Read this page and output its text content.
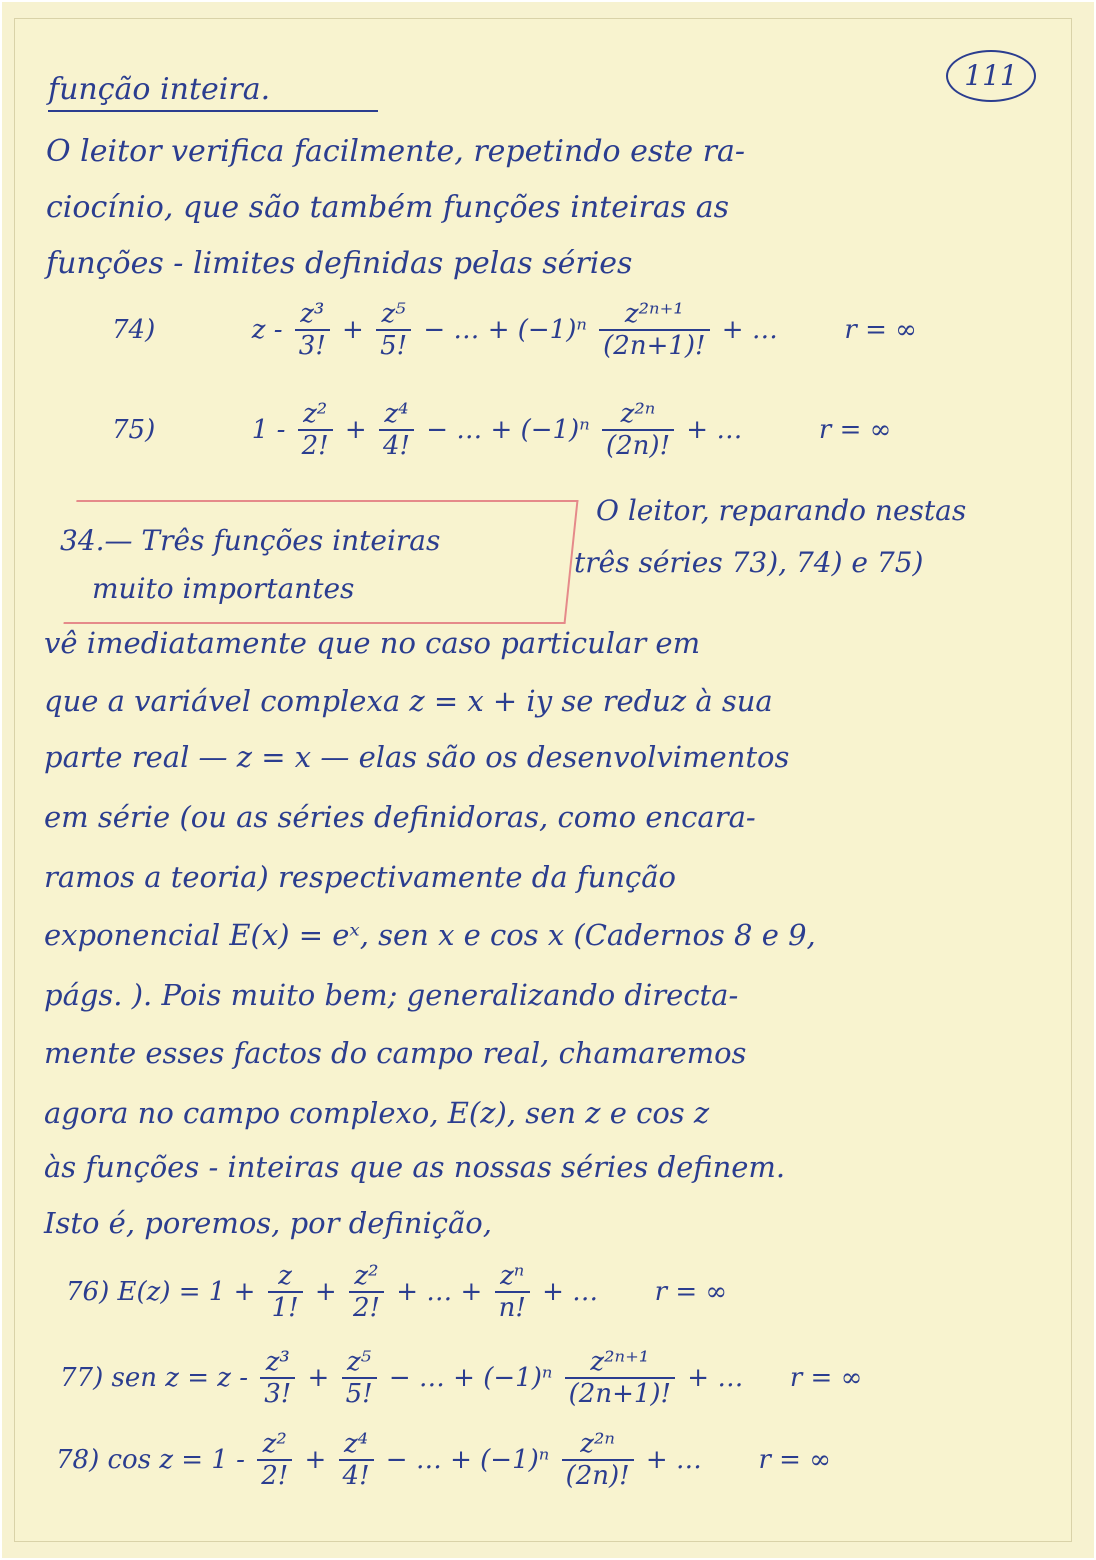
111
função inteira.
O leitor verifica facilmente, repetindo este ra-
ciocínio, que são também funções inteiras as
funções - limites definidas pelas séries
74)	$z - \frac{\text{z³}}{3!} + \frac{\text{z⁵}}{5!}$ − … + $(-1)^n \frac{\text{z²ⁿ⁺¹}}{(2n+1)!}$ + …	r = ∞
75)	$1 - \frac{\text{z²}}{2!} + \frac{\text{z⁴}}{4!}$ − … + $(-1)^n \frac{\text{z²ⁿ}}{(2n)!}$ + …	r = ∞
34.— Três funções inteiras
muito importantes
O leitor, reparando nestas
três séries 73), 74) e 75)
vê imediatamente que no caso particular em
que a variável complexa z = x + iy se reduz à sua
parte real — z = x — elas são os desenvolvimentos
em série (ou as séries definidoras, como encara-
ramos a teoria) respectivamente da função
exponencial E(x) = eˣ, sen x e cos x (Cadernos 8 e 9,
págs. ). Pois muito bem; generalizando directa-
mente esses factos do campo real, chamaremos
agora no campo complexo, E(z), sen z e cos z
às funções - inteiras que as nossas séries definem.
Isto é, poremos, por definição,
76) $E(z) = 1 + \frac{z}{1!} + \frac{\text{z²}}{2!}$ + … + $\frac{\text{zⁿ}}{n!}$ + … r = ∞
77) sen $z = z - \frac{\text{z³}}{3!} + \frac{\text{z⁵}}{5!}$ − … + $(-1)^n \frac{\text{z²ⁿ⁺¹}}{(2n+1)!}$ + … r = ∞
78) $\cos z = 1 - \frac{\text{z²}}{2!} + \frac{\text{z⁴}}{4!}$ − … + $(-1)^n \frac{\text{z²ⁿ}}{(2n)!}$ + … r = ∞
